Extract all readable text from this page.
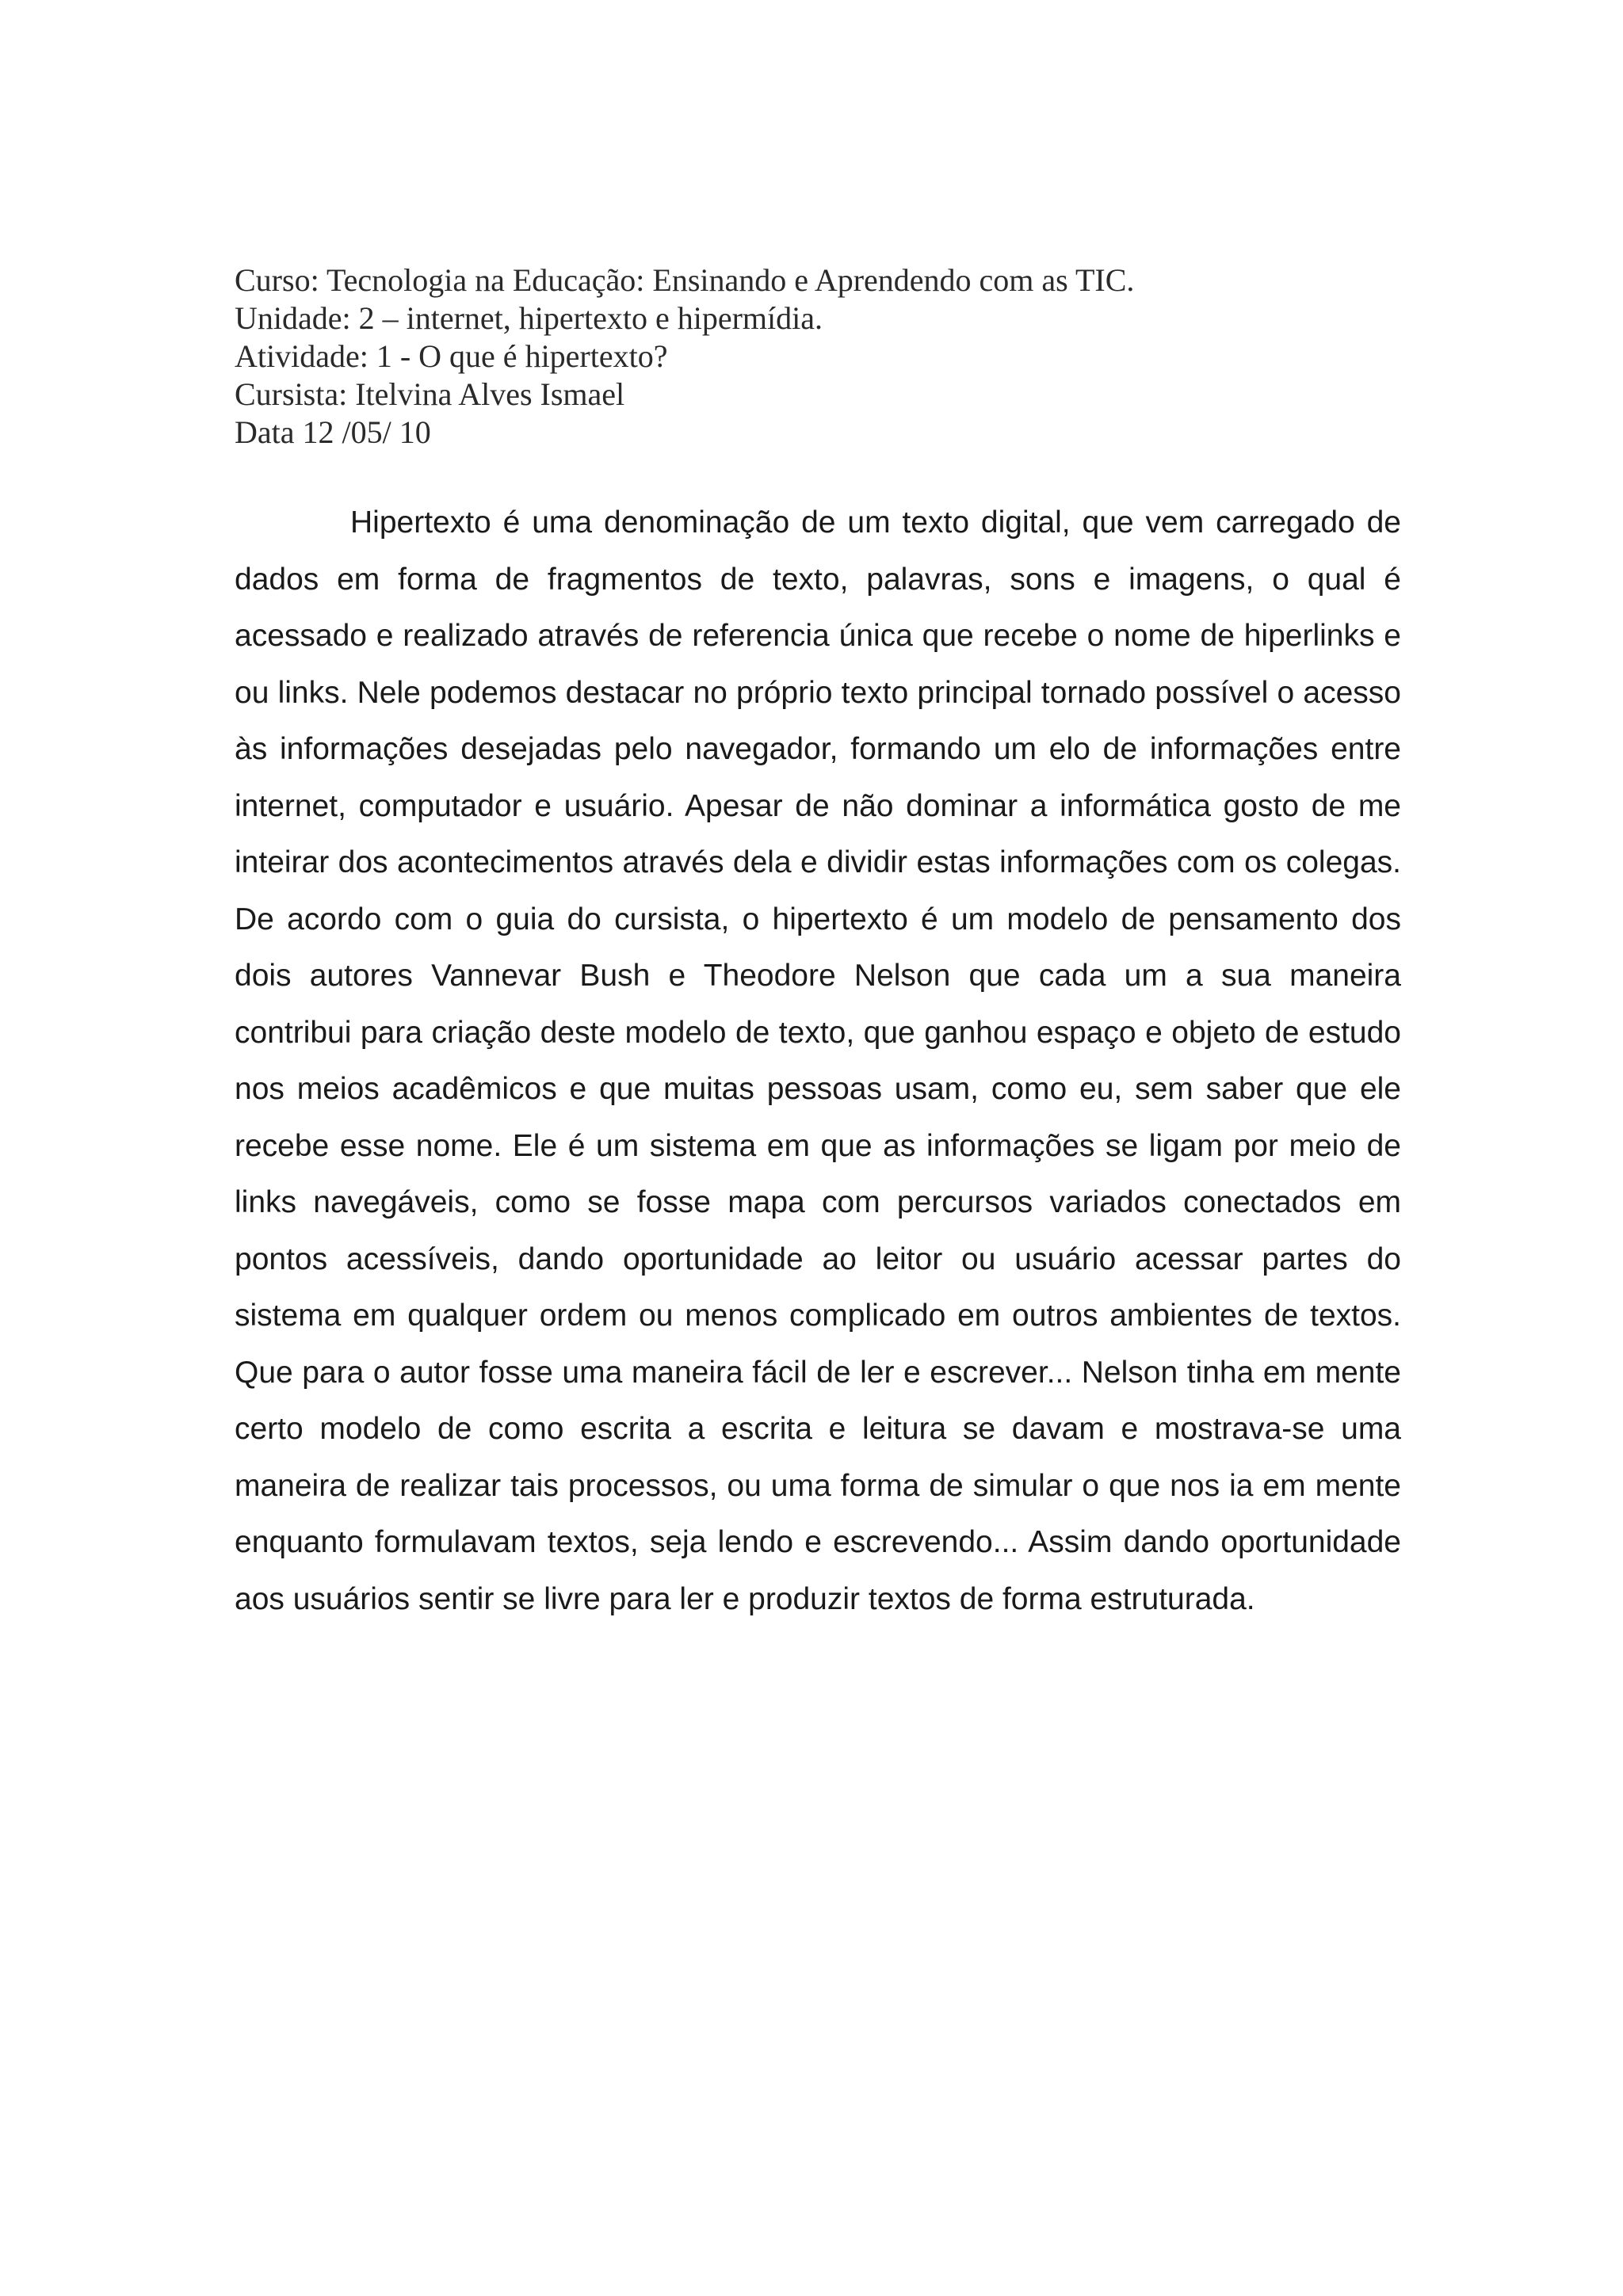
Curso: Tecnologia na Educação: Ensinando e Aprendendo com as TIC.
Unidade: 2 – internet, hipertexto e hipermídia.
Atividade: 1 - O que é hipertexto?
Cursista: Itelvina Alves Ismael
Data 12 /05/ 10

Hipertexto é uma denominação de um texto digital, que vem carregado de dados em forma de fragmentos de texto, palavras, sons e imagens, o qual é acessado e realizado através de referencia única que recebe o nome de hiperlinks e ou links. Nele podemos destacar no próprio texto principal tornado possível o acesso às informações desejadas pelo navegador, formando um elo de informações entre internet, computador e usuário. Apesar de não dominar a informática gosto de me inteirar dos acontecimentos através dela e dividir estas informações com os colegas.   De acordo com o guia do cursista, o hipertexto é um modelo de pensamento dos dois autores Vannevar Bush e Theodore Nelson que cada um a sua maneira contribui para criação deste modelo de texto, que ganhou espaço e objeto de estudo nos meios acadêmicos e que muitas pessoas usam, como eu, sem saber que ele recebe esse nome. Ele é um sistema em que as informações se ligam por meio de links navegáveis, como se fosse mapa com percursos variados conectados em pontos acessíveis, dando oportunidade ao leitor ou usuário acessar partes do sistema em qualquer ordem ou menos complicado em outros ambientes de textos. Que para o autor fosse uma maneira fácil de ler e escrever... Nelson tinha em mente certo modelo de como escrita a escrita e leitura se davam e mostrava-se uma maneira de realizar tais processos, ou uma forma de simular o que nos ia em mente enquanto formulavam textos, seja lendo e escrevendo... Assim dando oportunidade aos usuários sentir se livre para ler e produzir textos de forma estruturada.
